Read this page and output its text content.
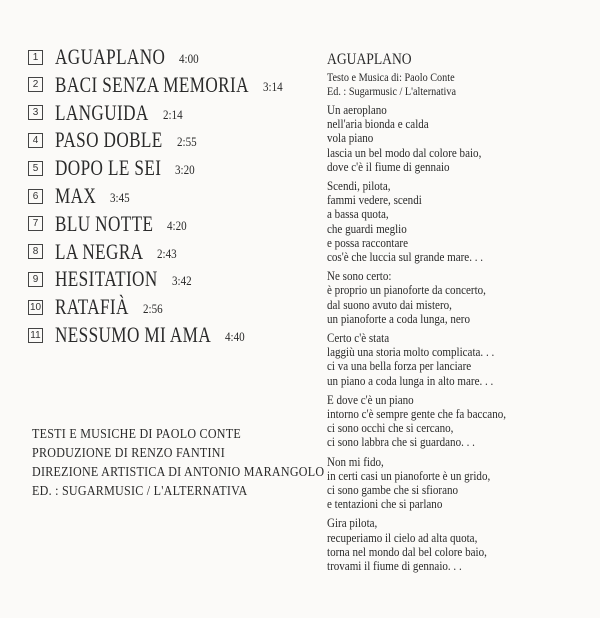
1 AGUAPLANO 4:00
2 BACI SENZA MEMORIA 3:14
3 LANGUIDA 2:14
4 PASO DOBLE 2:55
5 DOPO LE SEI 3:20
6 MAX 3:45
7 BLU NOTTE 4:20
8 LA NEGRA 2:43
9 HESITATION 3:42
10 RATAFIÀ 2:56
11 NESSUMO MI AMA 4:40
TESTI E MUSICHE DI PAOLO CONTE
PRODUZIONE DI RENZO FANTINI
DIREZIONE ARTISTICA DI ANTONIO MARANGOLO
ED. : SUGARMUSIC / L'ALTERNATIVA
AGUAPLANO
Testo e Musica di: Paolo Conte
Ed. : Sugarmusic / L'alternativa
Un aeroplano
nell'aria bionda e calda
vola piano
lascia un bel modo dal colore baio,
dove c'è il fiume di gennaio
Scendi, pilota,
fammi vedere, scendi
a bassa quota,
che guardi meglio
e possa raccontare
cos'è che luccia sul grande mare. . .
Ne sono certo:
è proprio un pianoforte da concerto,
dal suono avuto dai mistero,
un pianoforte a coda lunga, nero
Certo c'è stata
laggiù una storia molto complicata. . .
ci va una bella forza per lanciare
un piano a coda lunga in alto mare. . .
E dove c'è un piano
intorno c'è sempre gente che fa baccano,
ci sono occhi che si cercano,
ci sono labbra che si guardano. . .
Non mi fido,
in certi casi un pianoforte è un grido,
ci sono gambe che si sfiorano
e tentazioni che si parlano
Gira pilota,
recuperiamo il cielo ad alta quota,
torna nel mondo dal bel colore baio,
trovami il fiume di gennaio. . .
